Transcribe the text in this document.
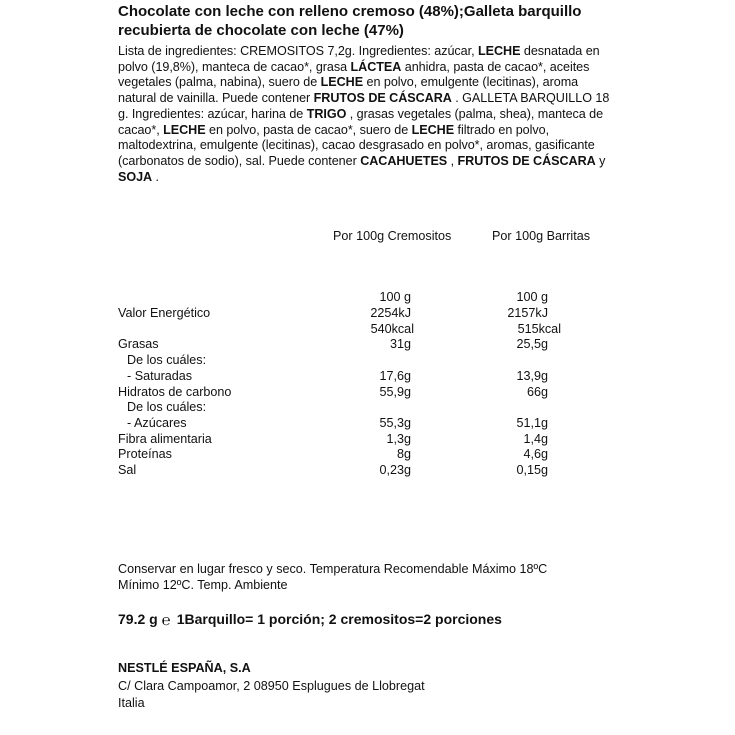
Chocolate con leche con relleno cremoso (48%);Galleta barquillo recubierta de chocolate con leche (47%)
Lista de ingredientes: CREMOSITOS 7,2g. Ingredientes: azúcar, LECHE desnatada en polvo (19,8%), manteca de cacao*, grasa LÁCTEA anhidra, pasta de cacao*, aceites vegetales (palma, nabina), suero de LECHE en polvo, emulgente (lecitinas), aroma natural de vainilla. Puede contener FRUTOS DE CÁSCARA . GALLETA BARQUILLO 18 g. Ingredientes: azúcar, harina de TRIGO , grasas vegetales (palma, shea), manteca de cacao*, LECHE en polvo, pasta de cacao*, suero de LECHE filtrado en polvo, maltodextrina, emulgente (lecitinas), cacao desgrasado en polvo*, aromas, gasificante (carbonatos de sodio), sal. Puede contener CACAHUETES , FRUTOS DE CÁSCARA y SOJA .
Por 100g Cremositos	Por 100g Barritas
100 g	100 g
Valor Energético	2254kJ	2157kJ
540kcal	515kcal
Grasas	31g	25,5g
De los cuáles:
- Saturadas	17,6g	13,9g
Hidratos de carbono	55,9g	66g
De los cuáles:
- Azúcares	55,3g	51,1g
Fibra alimentaria	1,3g	1,4g
Proteínas	8g	4,6g
Sal	0,23g	0,15g
Conservar en lugar fresco y seco. Temperatura Recomendable Máximo 18ºC Mínimo 12ºC. Temp. Ambiente
79.2 g ℮ 1Barquillo= 1 porción; 2 cremositos=2 porciones
NESTLÉ ESPAÑA, S.A
C/ Clara Campoamor, 2 08950 Esplugues de Llobregat
Italia
